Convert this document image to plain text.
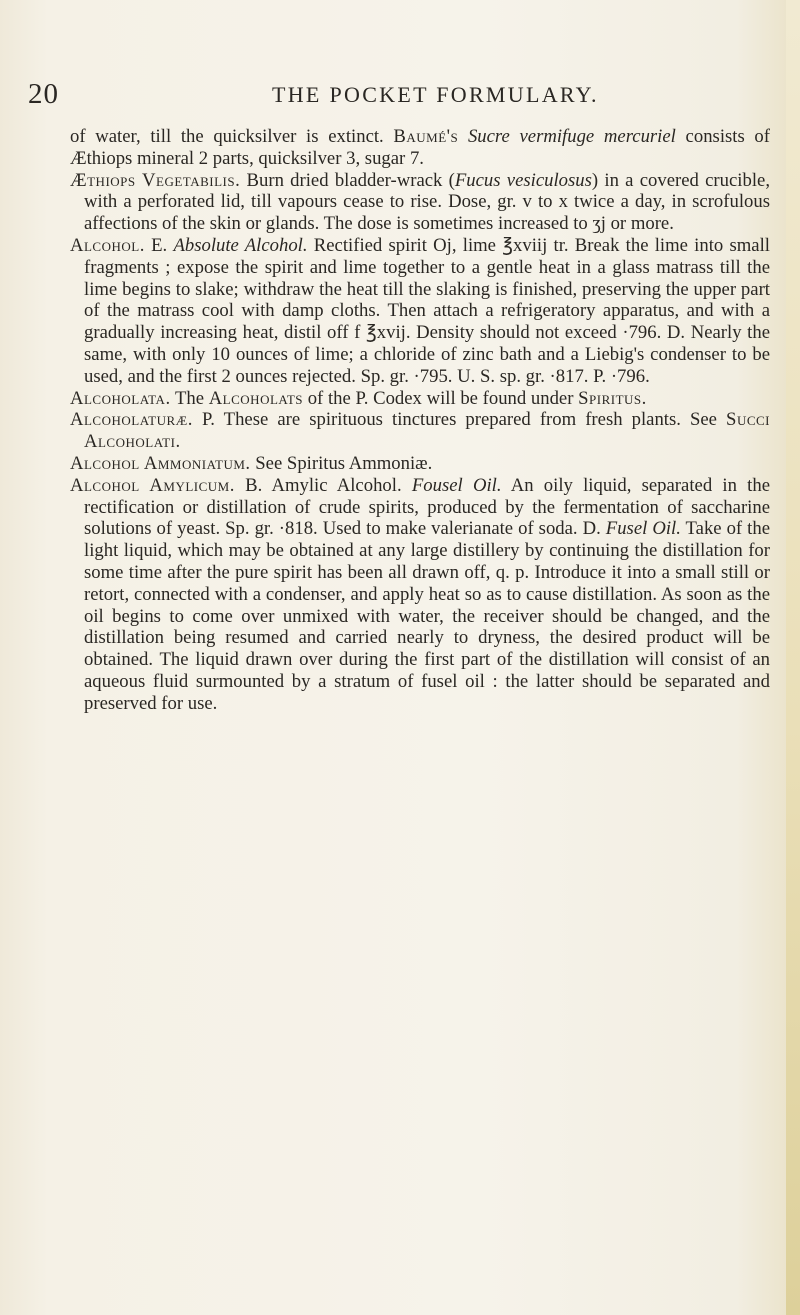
20	THE POCKET FORMULARY.

of water, till the quicksilver is extinct. Baumé's Sucre vermifuge mercuriel consists of Æthiops mineral 2 parts, quicksilver 3, sugar 7.

Æthiops Vegetabilis. Burn dried bladder-wrack (Fucus vesiculosus) in a covered crucible, with a perforated lid, till vapours cease to rise. Dose, gr. v to x twice a day, in scrofulous affections of the skin or glands. The dose is sometimes increased to ʒj or more.

Alcohol. E. Absolute Alcohol. Rectified spirit Oj, lime ℥xviij tr. Break the lime into small fragments ; expose the spirit and lime together to a gentle heat in a glass matrass till the lime begins to slake; withdraw the heat till the slaking is finished, preserving the upper part of the matrass cool with damp cloths. Then attach a refrigeratory apparatus, and with a gradually increasing heat, distil off f ℥xvij. Density should not exceed ·796. D. Nearly the same, with only 10 ounces of lime; a chloride of zinc bath and a Liebig's condenser to be used, and the first 2 ounces rejected. Sp. gr. ·795. U. S. sp. gr. ·817. P. ·796.

Alcoholata. The Alcoholats of the P. Codex will be found under Spiritus.

Alcoholaturæ. P. These are spirituous tinctures prepared from fresh plants. See Succi Alcoholati.

Alcohol Ammoniatum. See Spiritus Ammoniæ.

Alcohol Amylicum. B. Amylic Alcohol. Fousel Oil. An oily liquid, separated in the rectification or distillation of crude spirits, produced by the fermentation of saccharine solutions of yeast. Sp. gr. ·818. Used to make valerianate of soda. D. Fusel Oil. Take of the light liquid, which may be obtained at any large distillery by continuing the distillation for some time after the pure spirit has been all drawn off, q. p. Introduce it into a small still or retort, connected with a condenser, and apply heat so as to cause distillation. As soon as the oil begins to come over unmixed with water, the receiver should be changed, and the distillation being resumed and carried nearly to dryness, the desired product will be obtained. The liquid drawn over during the first part of the distillation will consist of an aqueous fluid surmounted by a stratum of fusel oil : the latter should be separated and preserved for use.
